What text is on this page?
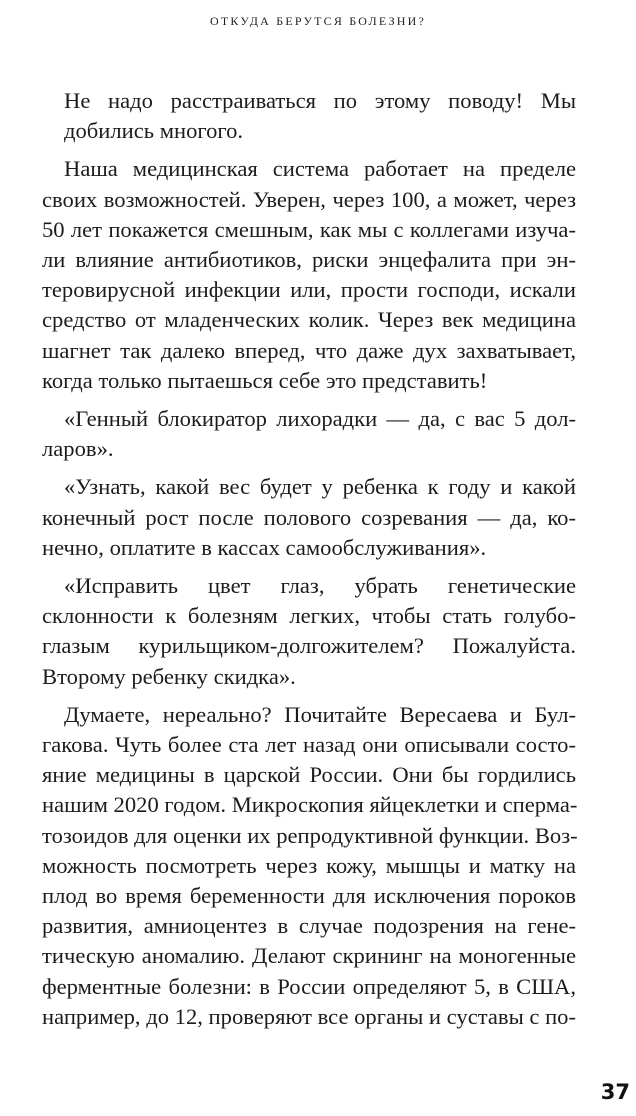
ОТКУДА БЕРУТСЯ БОЛЕЗНИ?

Не надо расстраиваться по этому поводу! Мы
добились многого.

Наша медицинская система работает на пределе
своих возможностей. Уверен, через 100, а может, через
50 лет покажется смешным, как мы с коллегами изуча-
ли влияние антибиотиков, риски энцефалита при эн-
теровирусной инфекции или, прости господи, искали
средство от младенческих колик. Через век медицина
шагнет так далеко вперед, что даже дух захватывает,
когда только пытаешься себе это представить!

«Генный блокиратор лихорадки — да, с вас 5 дол-
ларов».

«Узнать, какой вес будет у ребенка к году и какой
конечный рост после полового созревания — да, ко-
нечно, оплатите в кассах самообслуживания».

«Исправить цвет глаз, убрать генетические
склонности к болезням легких, чтобы стать голубо-
глазым курильщиком-долгожителем? Пожалуйста.
Второму ребенку скидка».

Думаете, нереально? Почитайте Вересаева и Бул-
гакова. Чуть более ста лет назад они описывали состо-
яние медицины в царской России. Они бы гордились
нашим 2020 годом. Микроскопия яйцеклетки и сперма-
тозоидов для оценки их репродуктивной функции. Воз-
можность посмотреть через кожу, мышцы и матку на
плод во время беременности для исключения пороков
развития, амниоцентез в случае подозрения на генe-
тическую аномалию. Делают скрининг на моногенные
ферментные болезни: в России определяют 5, в США,
например, до 12, проверяют все органы и суставы с по-

37
